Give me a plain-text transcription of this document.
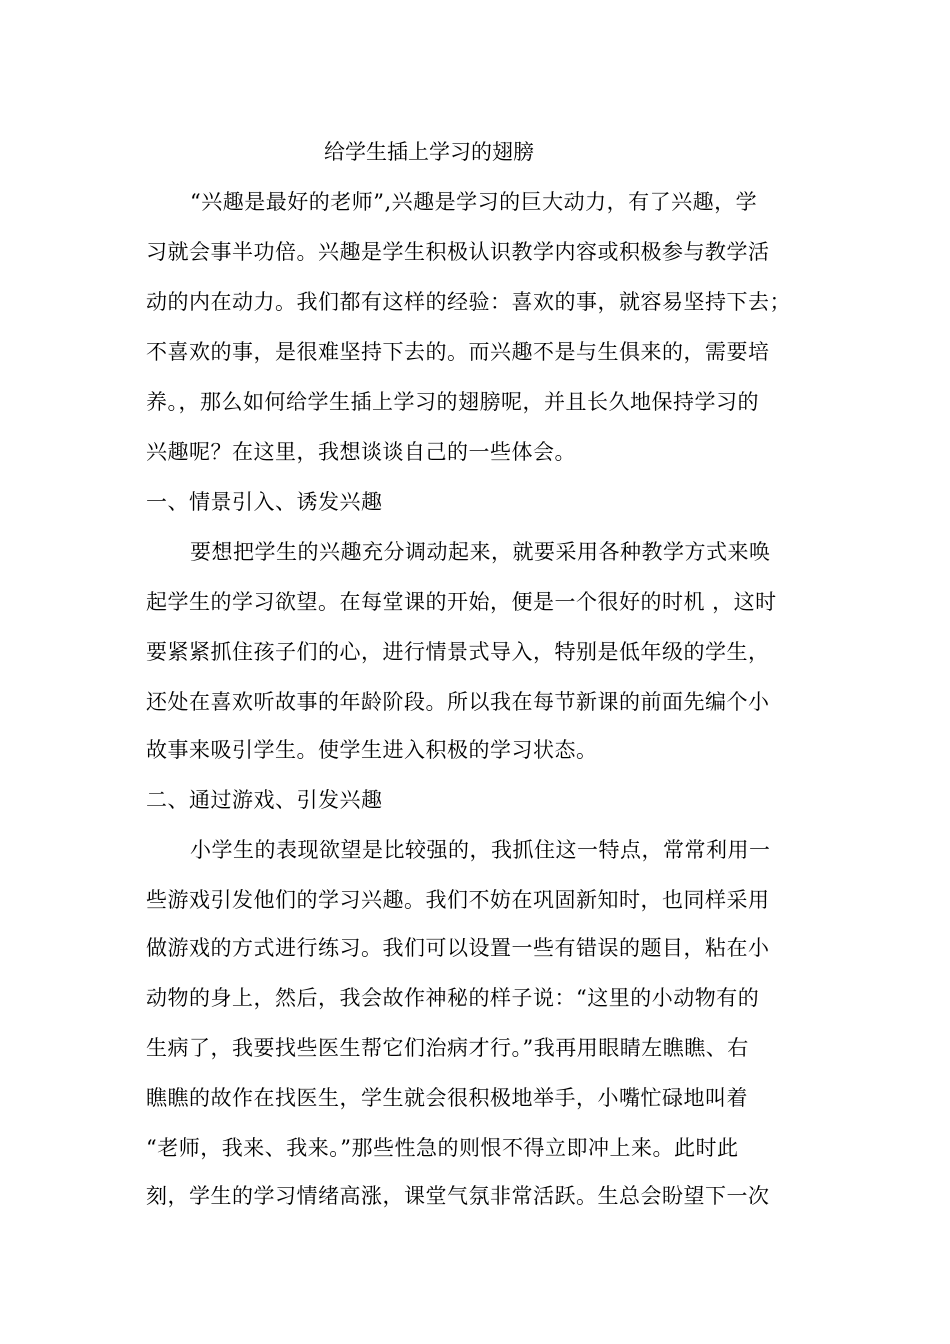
给学生插上学习的翅膀
“兴趣是最好的老师”,兴趣是学习的巨大动力，有了兴趣，学
习就会事半功倍。兴趣是学生积极认识教学内容或积极参与教学活
动的内在动力。我们都有这样的经验：喜欢的事，就容易坚持下去；
不喜欢的事，是很难坚持下去的。而兴趣不是与生俱来的，需要培
养。，那么如何给学生插上学习的翅膀呢，并且长久地保持学习的
兴趣呢？在这里，我想谈谈自己的一些体会。
一、情景引入、诱发兴趣
要想把学生的兴趣充分调动起来，就要采用各种教学方式来唤
起学生的学习欲望。在每堂课的开始，便是一个很好的时机 ，这时
要紧紧抓住孩子们的心，进行情景式导入，特别是低年级的学生，
还处在喜欢听故事的年龄阶段。所以我在每节新课的前面先编个小
故事来吸引学生。使学生进入积极的学习状态。
二、通过游戏、引发兴趣
小学生的表现欲望是比较强的，我抓住这一特点，常常利用一
些游戏引发他们的学习兴趣。我们不妨在巩固新知时，也同样采用
做游戏的方式进行练习。我们可以设置一些有错误的题目，粘在小
动物的身上，然后，我会故作神秘的样子说：“这里的小动物有的
生病了，我要找些医生帮它们治病才行。”我再用眼睛左瞧瞧、右
瞧瞧的故作在找医生，学生就会很积极地举手，小嘴忙碌地叫着
“老师，我来、我来。”那些性急的则恨不得立即冲上来。此时此
刻，学生的学习情绪高涨，课堂气氛非常活跃。生总会盼望下一次
